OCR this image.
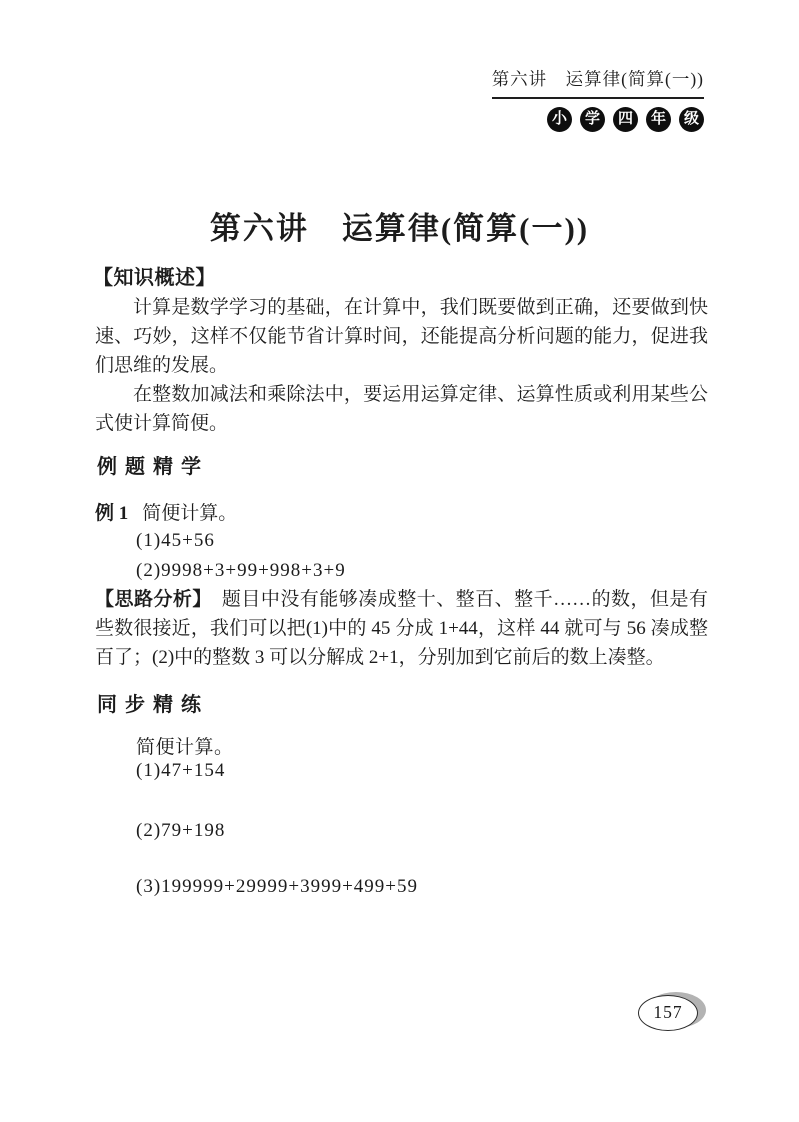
第六讲　运算律(简算(一))
小	学	四	年	级
第六讲　运算律(简算(一))
【知识概述】

计算是数学学习的基础，在计算中，我们既要做到正确，还要做到快速、巧妙，这样不仅能节省计算时间，还能提高分析问题的能力，促进我们思维的发展。

在整数加减法和乘除法中，要运用运算定律、运算性质或利用某些公式使计算简便。

例题精学
例 1 简便计算。
(1)45+56
(2)9998+3+99+998+3+9

【思路分析】　题目中没有能够凑成整十、整百、整千……的数，但是有些数很接近，我们可以把(1)中的 45 分成 1+44，这样 44 就可与 56 凑成整百了；(2)中的整数 3 可以分解成 2+1，分别加到它前后的数上凑整。

同步精练
简便计算。
(1)47+154
(2)79+198
(3)199999+29999+3999+499+59
157
